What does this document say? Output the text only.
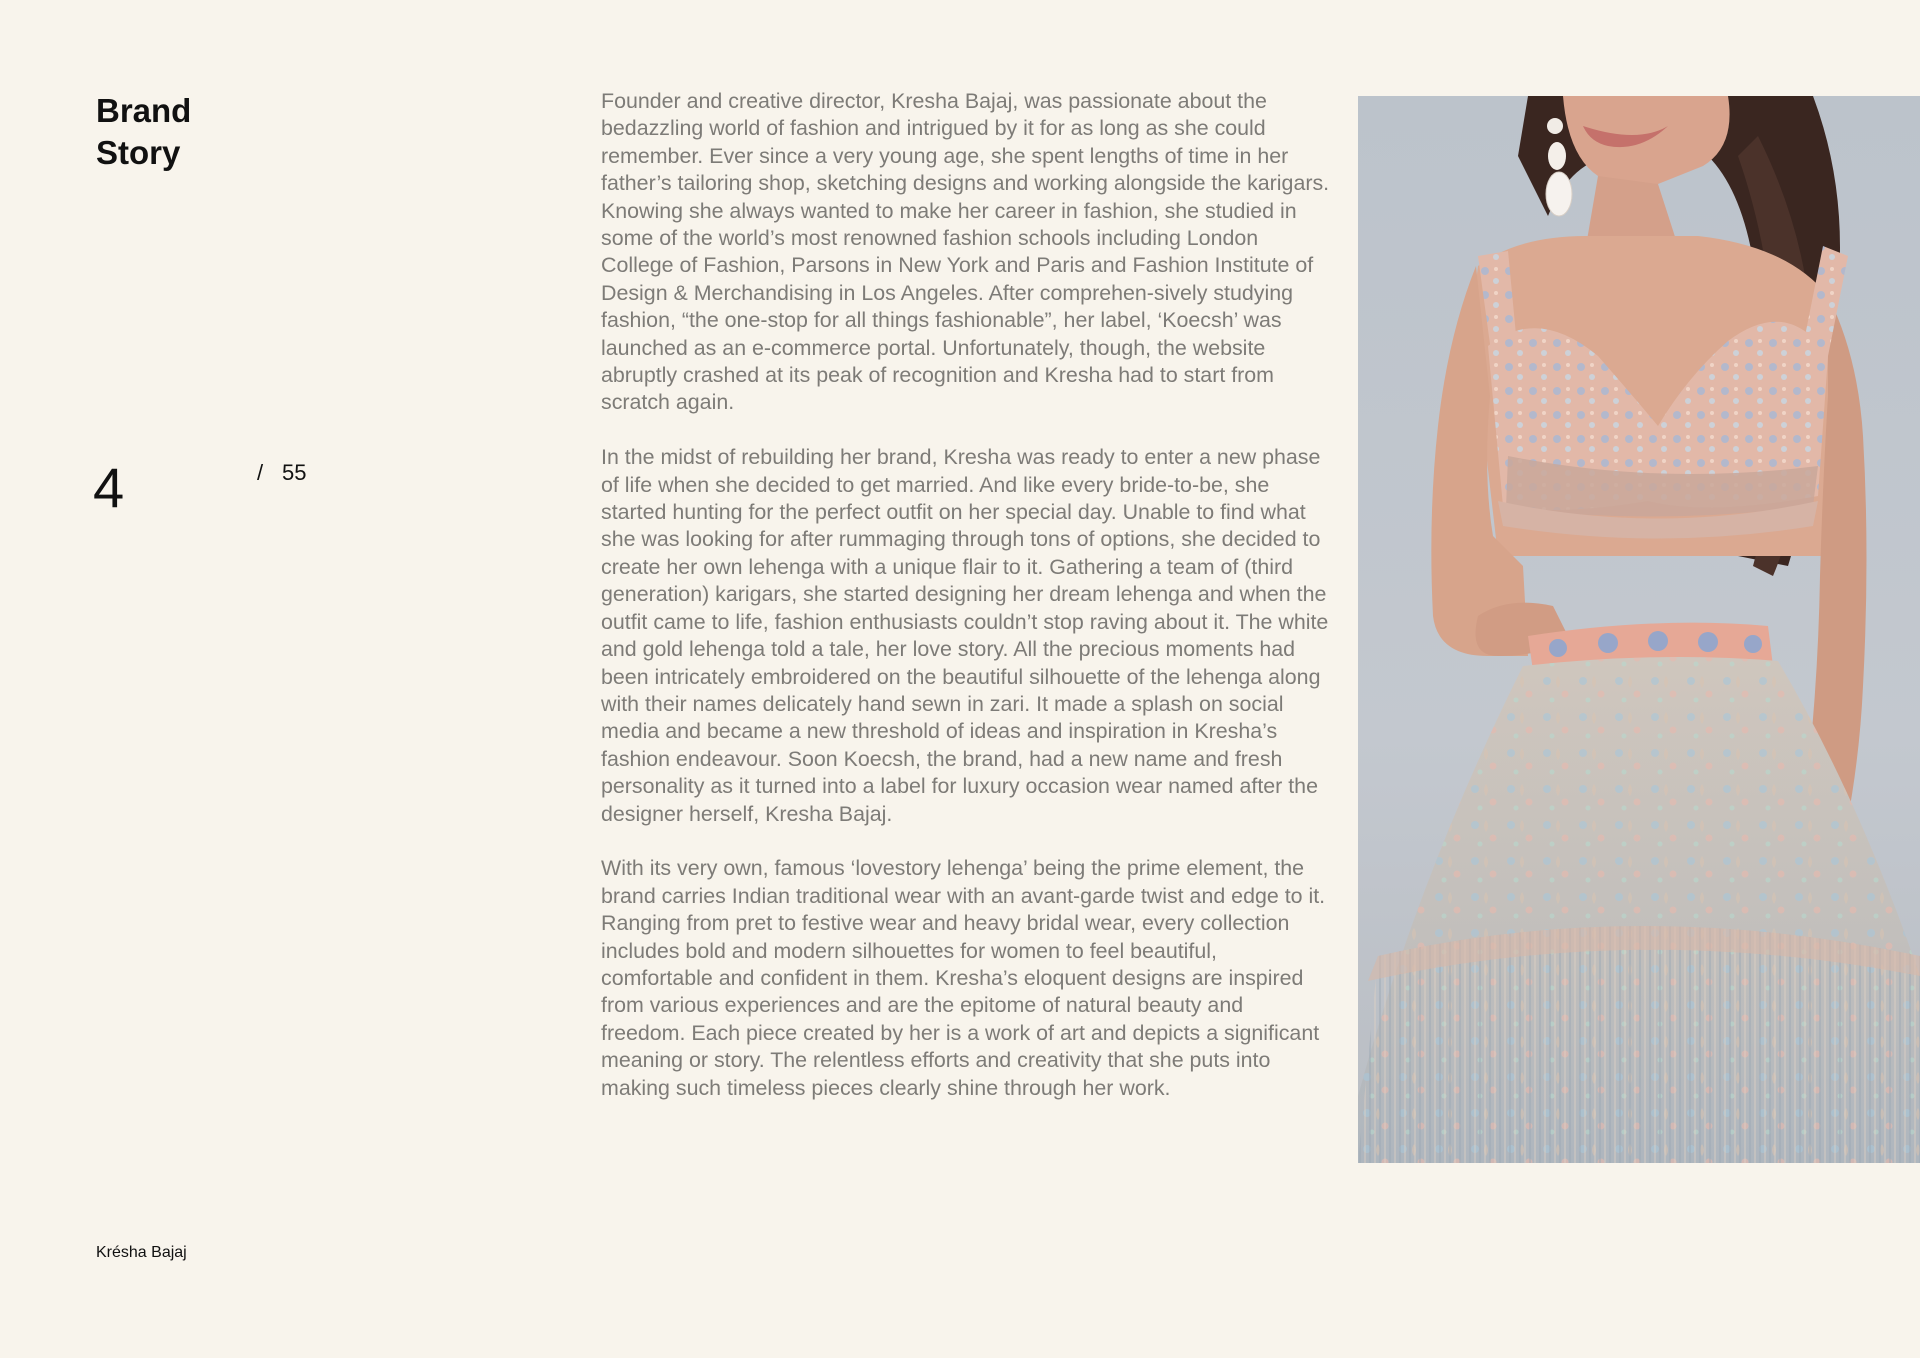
Brand
Story
4	/ 55

Founder and creative director, Kresha Bajaj, was passionate about the bedazzling world of fashion and intrigued by it for as long as she could remember. Ever since a very young age, she spent lengths of time in her father’s tailoring shop, sketching designs and working alongside the karigars. Knowing she always wanted to make her career in fashion, she studied in some of the world’s most renowned fashion schools including London College of Fashion, Parsons in New York and Paris and Fashion Institute of Design & Merchandising in Los Angeles. After comprehen-sively studying fashion, “the one-stop for all things fashionable”, her label, ‘Koecsh’ was launched as an e-commerce portal. Unfortunately, though, the website abruptly crashed at its peak of recognition and Kresha had to start from scratch again.

In the midst of rebuilding her brand, Kresha was ready to enter a new phase of life when she decided to get married. And like every bride-to-be, she started hunting for the perfect outfit on her special day. Unable to find what she was looking for after rummaging through tons of options, she decided to create her own lehenga with a unique flair to it. Gathering a team of (third generation) karigars, she started designing her dream lehenga and when the outfit came to life, fashion enthusiasts couldn’t stop raving about it. The white and gold lehenga told a tale, her love story. All the precious moments had been intricately embroidered on the beautiful silhouette of the lehenga along with their names delicately hand sewn in zari. It made a splash on social media and became a new threshold of ideas and inspiration in Kresha’s fashion endeavour. Soon Koecsh, the brand, had a new name and fresh personality as it turned into a label for luxury occasion wear named after the designer herself, Kresha Bajaj.

With its very own, famous ‘lovestory lehenga’ being the prime element, the brand carries Indian traditional wear with an avant-garde twist and edge to it. Ranging from pret to festive wear and heavy bridal wear, every collection includes bold and modern silhouettes for women to feel beautiful, comfortable and confident in them. Kresha’s eloquent designs are inspired from various experiences and are the epitome of natural beauty and freedom. Each piece created by her is a work of art and depicts a significant meaning or story. The relentless efforts and creativity that she puts into making such timeless pieces clearly shine through her work.

Krésha Bajaj
